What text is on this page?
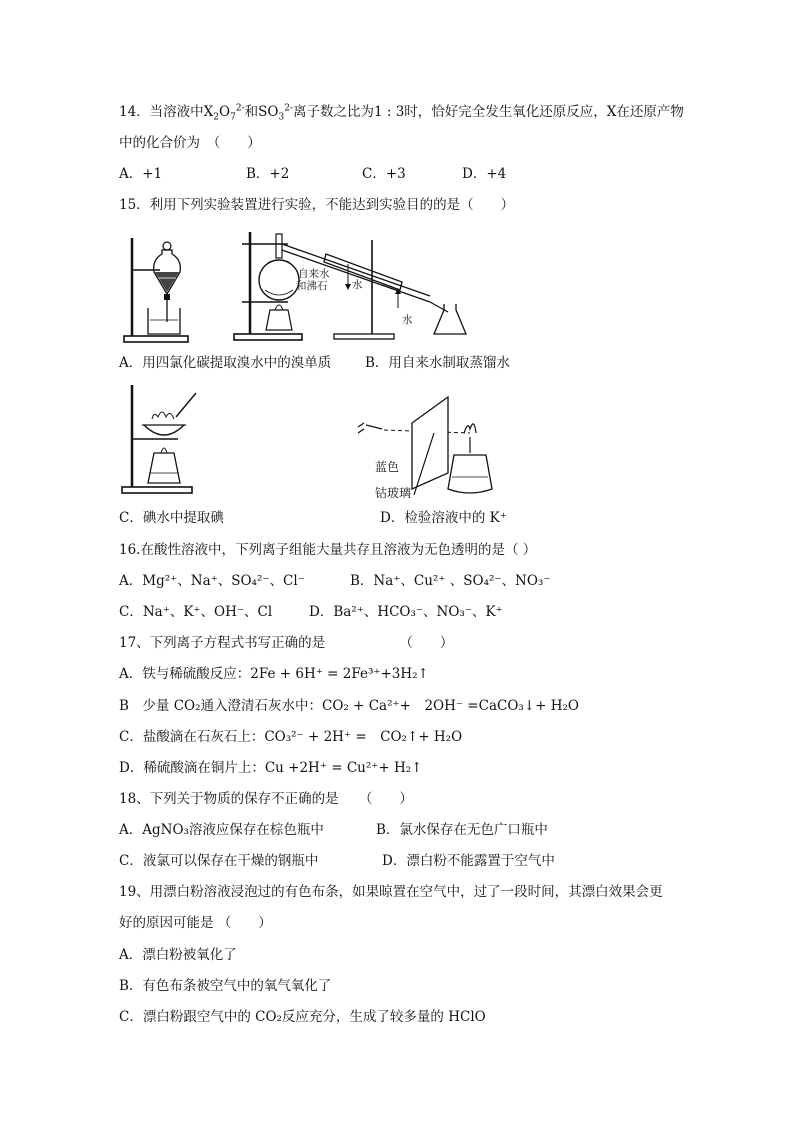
14．当溶液中$X_2O_7^{2-}$和$SO_3^{2-}$离子数之比为1 : 3时，恰好完全发生氧化还原反应，X在还原产物
中的化合价为　（　　）
A．+1	B．+2	C．+3	D．+4
15．利用下列实验装置进行实验，不能达到实验目的的是（　　）
自来水
和沸石 水
水
A．用四氯化碳提取溴水中的溴单质	B．用自来水制取蒸馏水
蓝色
钴玻璃
C．碘水中提取碘	D．检验溶液中的 K⁺
16.在酸性溶液中，下列离子组能大量共存且溶液为无色透明的是（ ）
A．Mg²⁺、Na⁺、SO₄²⁻、Cl⁻	B．Na⁺、Cu²⁺ 、SO₄²⁻、NO₃⁻
C．Na⁺、K⁺、OH⁻、Cl	D．Ba²⁺、HCO₃⁻、NO₃⁻、K⁺
17、下列离子方程式书写正确的是　　　　　　（　　）
A．铁与稀硫酸反应：2Fe + 6H⁺ = 2Fe³⁺+3H₂↑
B　少量 CO₂通入澄清石灰水中：CO₂ + Ca²⁺+　2OH⁻ =CaCO₃↓+ H₂O
C．盐酸滴在石灰石上：CO₃²⁻ + 2H⁺ =　CO₂↑+ H₂O
D．稀硫酸滴在铜片上：Cu +2H⁺ = Cu²⁺+ H₂↑
18、下列关于物质的保存不正确的是　　（　　）
A．AgNO₃溶液应保存在棕色瓶中	B．氯水保存在无色广口瓶中
C．液氯可以保存在干燥的钢瓶中	D．漂白粉不能露置于空气中
19、用漂白粉溶液浸泡过的有色布条，如果晾置在空气中，过了一段时间，其漂白效果会更
好的原因可能是 （　　）
A．漂白粉被氧化了
B．有色布条被空气中的氧气氧化了
C．漂白粉跟空气中的 CO₂反应充分，生成了较多量的 HClO
